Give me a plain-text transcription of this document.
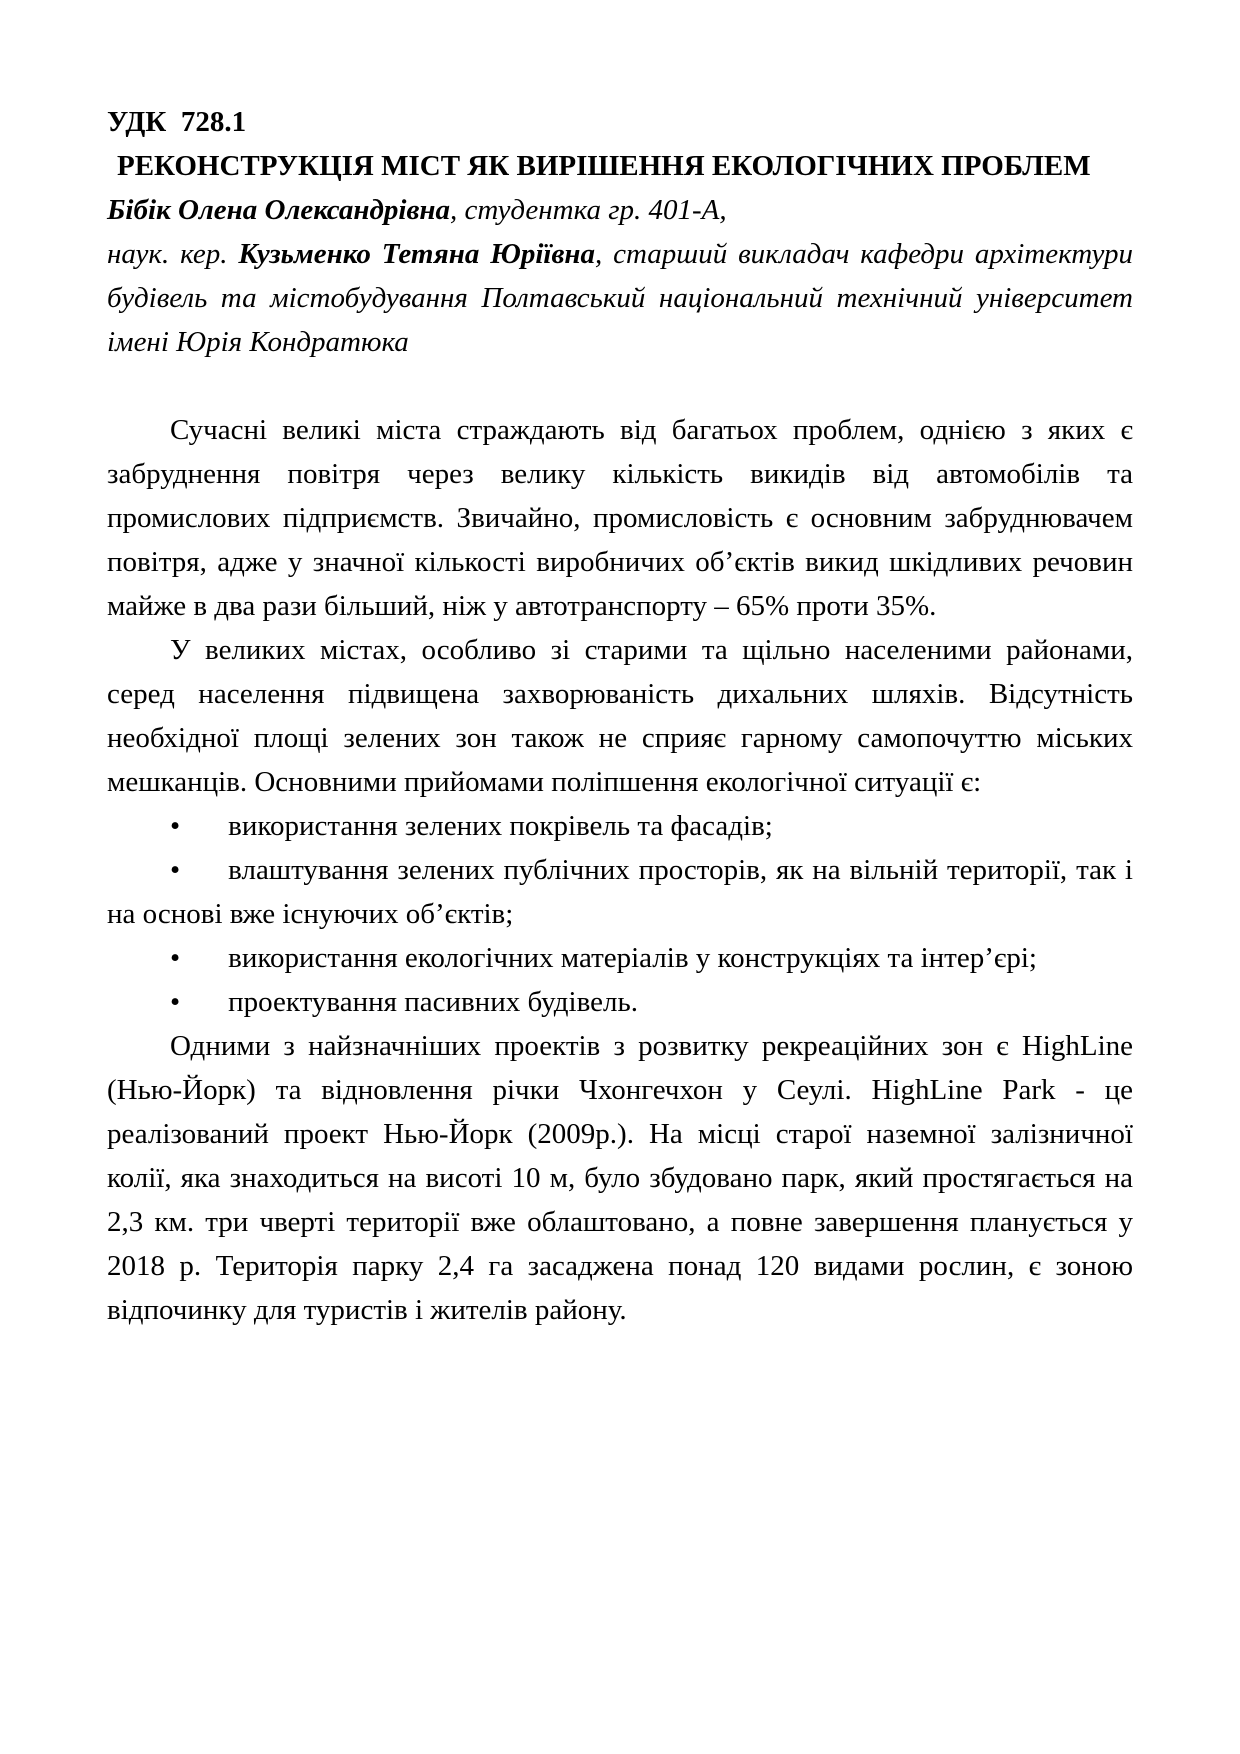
УДК  728.1

РЕКОНСТРУКЦІЯ МІСТ ЯК ВИРІШЕННЯ ЕКОЛОГІЧНИХ ПРОБЛЕМ

Бібік Олена Олександрівна, студентка гр. 401-А,

наук. кер. Кузьменко Тетяна Юріївна, старший викладач кафедри архітектури будівель та містобудування Полтавський національний технічний університет імені Юрія Кондратюка

Сучасні великі міста страждають від багатьох проблем, однією з яких є забруднення повітря через велику кількість викидів від автомобілів та промислових підприємств. Звичайно, промисловість є основним забруднювачем повітря, адже у значної кількості виробничих об’єктів викид шкідливих речовин майже в два рази більший, ніж у автотранспорту – 65% проти 35%.

У великих містах, особливо зі старими та щільно населеними районами, серед населення підвищена захворюваність дихальних шляхів. Відсутність необхідної площі зелених зон також не сприяє гарному самопочуттю міських мешканців. Основними прийомами поліпшення екологічної ситуації є:

• використання зелених покрівель та фасадів;
• влаштування зелених публічних просторів, як на вільній території, так і на основі вже існуючих об’єктів;
• використання екологічних матеріалів у конструкціях та інтер’єрі;
• проектування пасивних будівель.

Одними з найзначніших проектів з розвитку рекреаційних зон є HighLine (Нью-Йорк) та відновлення річки Чхонгечхон у Сеулі. HighLine Park - це реалізований проект Нью-Йорк (2009р.). На місці старої наземної залізничної колії, яка знаходиться на висоті 10 м, було збудовано парк, який простягається на 2,3 км. три чверті території вже облаштовано, а повне завершення планується у 2018 р. Територія парку 2,4 га засаджена понад 120 видами рослин, є зоною відпочинку для туристів і жителів району.
